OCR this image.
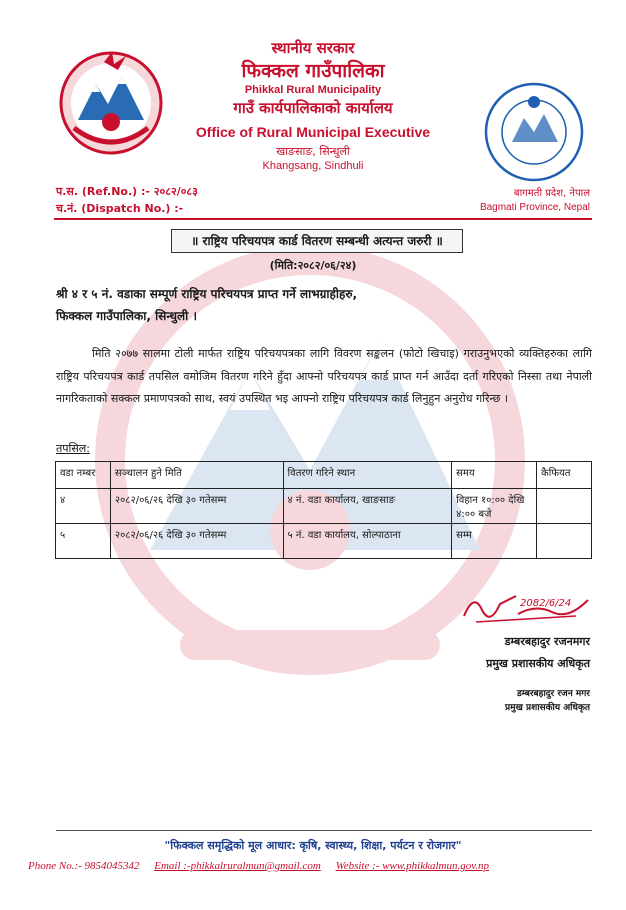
स्थानीय सरकार
फिक्कल गाउँपालिका
Phikkal Rural Municipality
गाउँ कार्यपालिकाको कार्यालय
Office of Rural Municipal Executive
खाङसाङ, सिन्धुली
Khangsang, Sindhuli
बागमती प्रदेश, नेपाल
Bagmati Province, Nepal
प.स. (Ref.No.) :- २०८२/०८३
च.नं. (Dispatch No.) :-
॥ राष्ट्रिय परिचयपत्र कार्ड वितरण सम्बन्धी अत्यन्त जरुरी ॥
(मिति:२०८२/०६/२४)
श्री ४ र ५ नं. वडाका सम्पूर्ण राष्ट्रिय परिचयपत्र प्राप्त गर्ने लाभग्राहीहरु,
फिक्कल गाउँपालिका, सिन्धुली ।
मिति २०७७ सालमा टोली मार्फत राष्ट्रिय परिचयपत्रका लागि विवरण सङ्कलन (फोटो खिचाइ) गराउनुभएको व्यक्तिहरुका लागि राष्ट्रिय परिचयपत्र कार्ड तपसिल वमोजिम वितरण गरिने हुँदा आफ्नो परिचयपत्र कार्ड प्राप्त गर्न आउँदा दर्ता गरिएको निस्सा तथा नेपाली नागरिकताको सक्कल प्रमाणपत्रको साथ, स्वयं उपस्थित भइ आफ्नो राष्ट्रिय परिचयपत्र कार्ड लिनुहुन अनुरोध गरिन्छ ।
तपसिल:
वडा नम्बर	सञ्चालन हुने मिति	वितरण गरिने स्थान	समय	कैफियत
४	२०८२/०६/२६ देखि ३० गतेसम्म	४ नं. वडा कार्यालय, खाङसाङ	विहान १०:०० देखि ४:०० बजे	
५	२०८२/०६/२६ देखि ३० गतेसम्म	५ नं. वडा कार्यालय, सोल्पाठाना	सम्म	
2082/6/24
डम्बरबहादुर रजनमगर
प्रमुख प्रशासकीय अधिकृत
डम्बरबहादुर रजन मगर
प्रमुख प्रशासकीय अधिकृत
"फिक्कल समृद्धिको मूल आधार: कृषि, स्वास्थ्य, शिक्षा, पर्यटन र रोजगार"
Phone No.:- 9854045342 Email :-phikkalruralmun@gmail.com Website :- www.phikkalmun.gov.np
